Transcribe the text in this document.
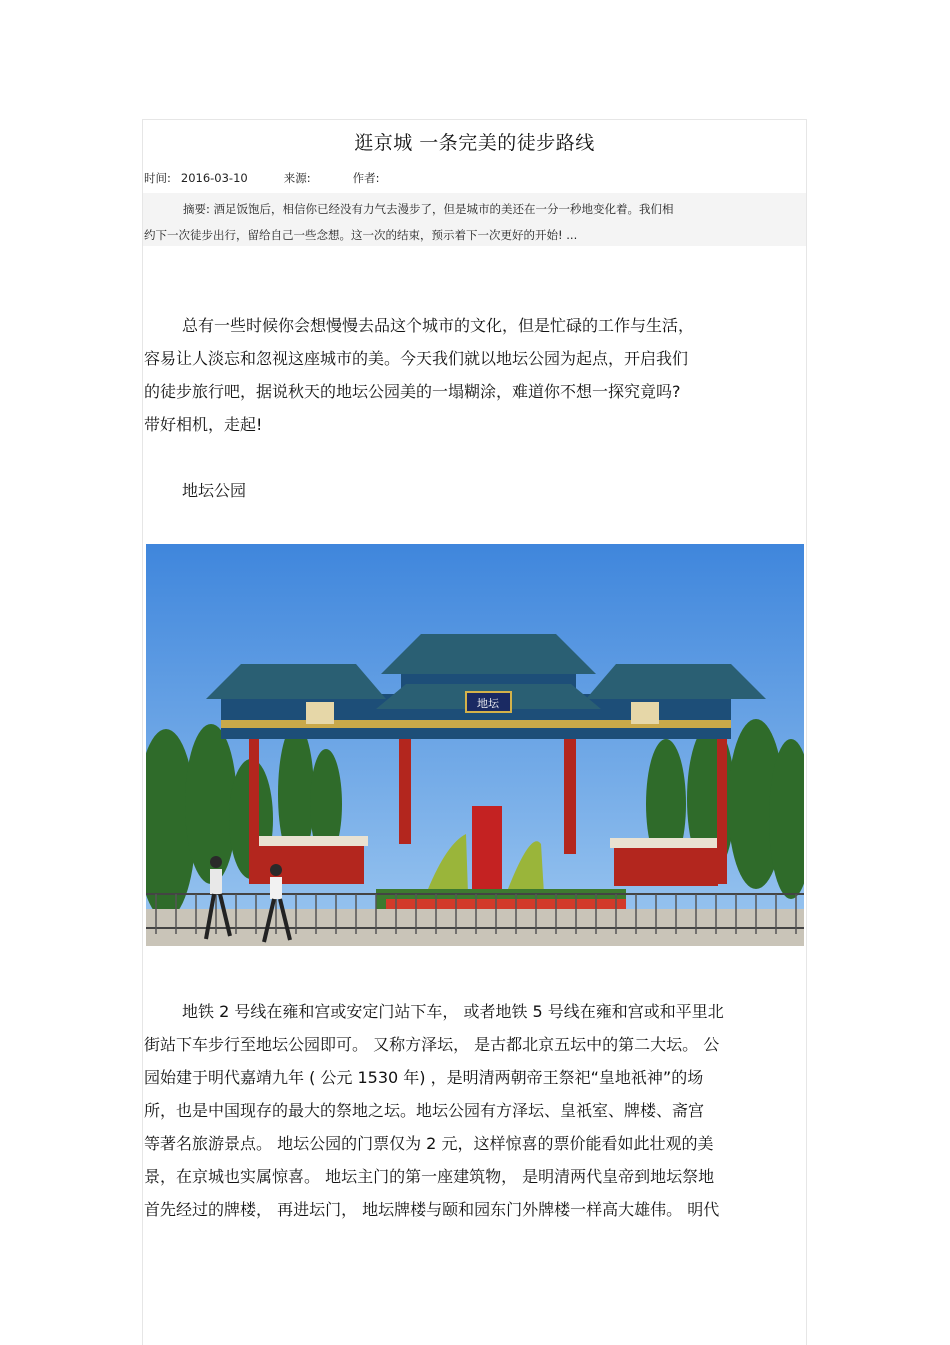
逛京城 一条完美的徒步路线
时间: 2016-03-10	来源:	作者:
摘要: 酒足饭饱后，相信你已经没有力气去漫步了，但是城市的美还在一分一秒地变化着。我们相
约下一次徒步出行，留给自己一些念想。这一次的结束，预示着下一次更好的开始! ...
总有一些时候你会想慢慢去品这个城市的文化，但是忙碌的工作与生活，
容易让人淡忘和忽视这座城市的美。今天我们就以地坛公园为起点，开启我们
的徒步旅行吧，据说秋天的地坛公园美的一塌糊涂，难道你不想一探究竟吗?
带好相机，走起!
地坛公园
地坛
地铁 2 号线在雍和宫或安定门站下车， 或者地铁 5 号线在雍和宫或和平里北
街站下车步行至地坛公园即可。 又称方泽坛， 是古都北京五坛中的第二大坛。 公
园始建于明代嘉靖九年 ( 公元 1530 年) ，是明清两朝帝王祭祀“皇地祇神”的场
所，也是中国现存的最大的祭地之坛。地坛公园有方泽坛、皇祇室、牌楼、斋宫
等著名旅游景点。 地坛公园的门票仅为 2 元，这样惊喜的票价能看如此壮观的美
景，在京城也实属惊喜。 地坛主门的第一座建筑物， 是明清两代皇帝到地坛祭地
首先经过的牌楼， 再进坛门， 地坛牌楼与颐和园东门外牌楼一样高大雄伟。 明代
